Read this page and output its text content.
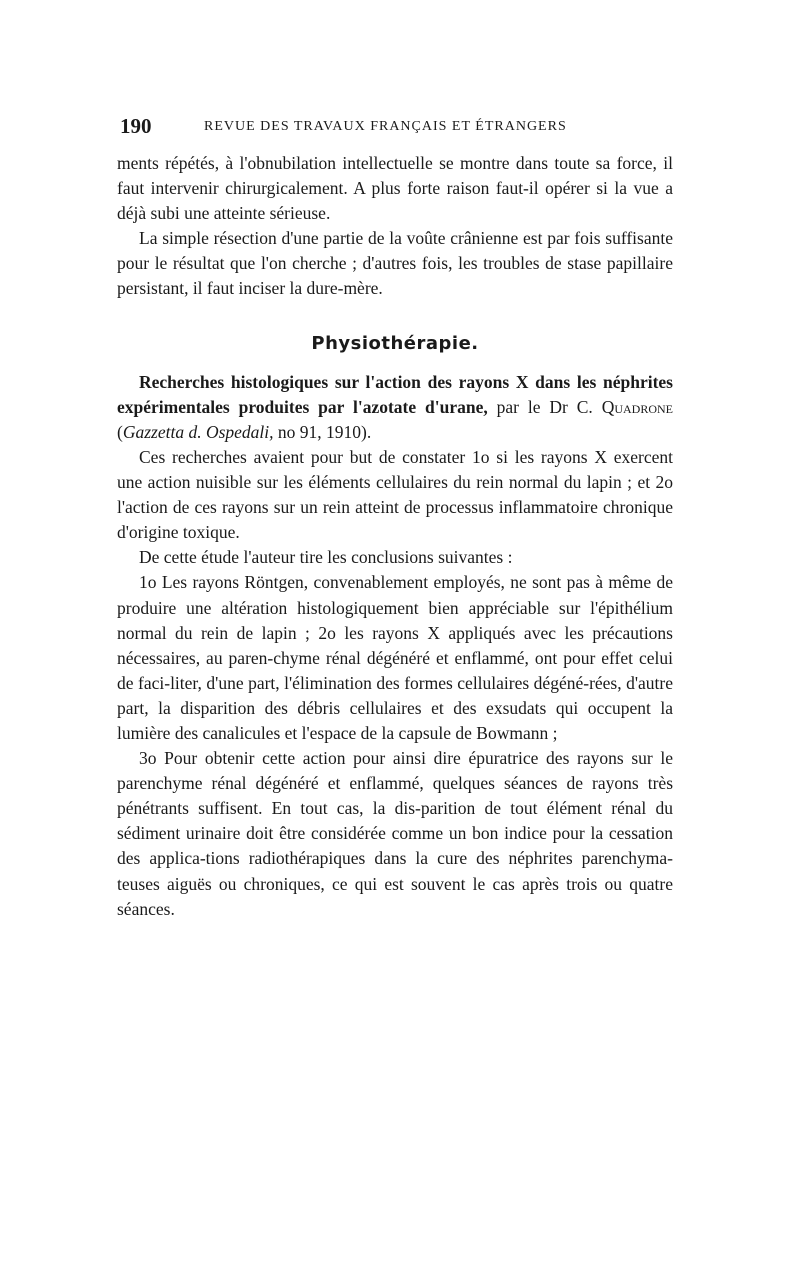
190	REVUE DES TRAVAUX FRANÇAIS ET ÉTRANGERS

ments répétés, à l'obnubilation intellectuelle se montre dans toute sa force, il faut intervenir chirurgicalement. A plus forte raison faut-il opérer si la vue a déjà subi une atteinte sérieuse.

La simple résection d'une partie de la voûte crânienne est par fois suffisante pour le résultat que l'on cherche ; d'autres fois, les troubles de stase papillaire persistant, il faut inciser la dure-mère.

Physiothérapie.

Recherches histologiques sur l'action des rayons X dans les néphrites expérimentales produites par l'azotate d'urane, par le Dr C. Quadrone (Gazzetta d. Ospedali, no 91, 1910).

Ces recherches avaient pour but de constater 1o si les rayons X exercent une action nuisible sur les éléments cellulaires du rein normal du lapin ; et 2o l'action de ces rayons sur un rein atteint de processus inflammatoire chronique d'origine toxique.

De cette étude l'auteur tire les conclusions suivantes :

1o Les rayons Röntgen, convenablement employés, ne sont pas à même de produire une altération histologiquement bien appréciable sur l'épithélium normal du rein de lapin ; 2o les rayons X appliqués avec les précautions nécessaires, au paren-chyme rénal dégénéré et enflammé, ont pour effet celui de faci-liter, d'une part, l'élimination des formes cellulaires dégéné-rées, d'autre part, la disparition des débris cellulaires et des exsudats qui occupent la lumière des canalicules et l'espace de la capsule de Bowmann ;

3o Pour obtenir cette action pour ainsi dire épuratrice des rayons sur le parenchyme rénal dégénéré et enflammé, quelques séances de rayons très pénétrants suffisent. En tout cas, la dis-parition de tout élément rénal du sédiment urinaire doit être considérée comme un bon indice pour la cessation des applica-tions radiothérapiques dans la cure des néphrites parenchyma-teuses aiguës ou chroniques, ce qui est souvent le cas après trois ou quatre séances.
